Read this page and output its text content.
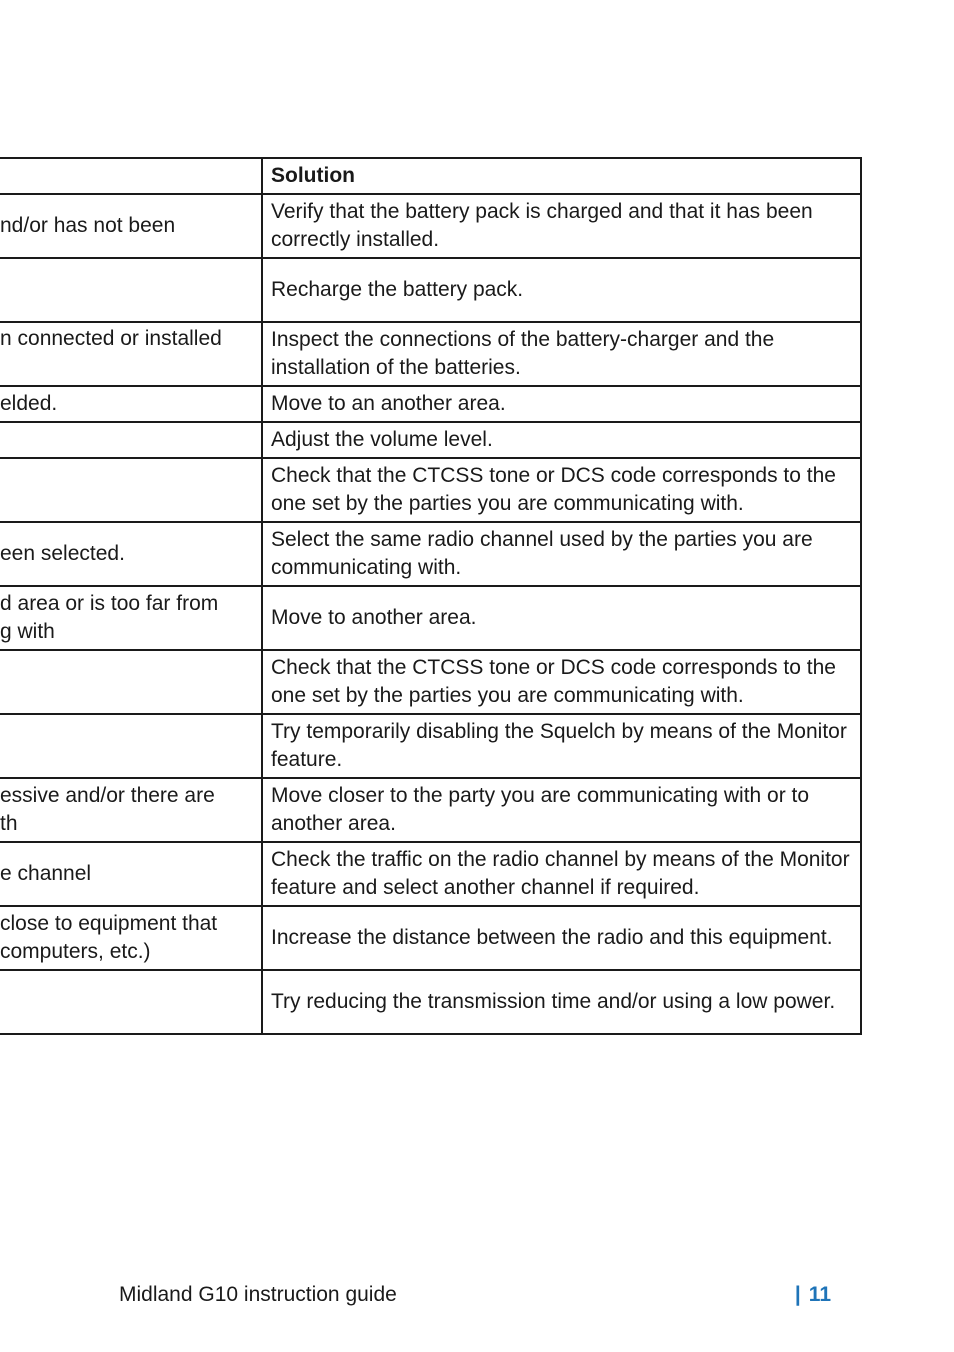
	Solution

nd/or has not been	Verify that the battery pack is charged and that it has been correctly installed.

	Recharge the battery pack.

n connected or installed	Inspect the connections of the battery-charger and the installation of the batteries.

elded.	Move to an another area.

	Adjust the volume level.

	Check that the CTCSS tone or DCS code corresponds to the one set by the parties you are communicating with.

een selected.	Select the same radio channel used by the parties you are communicating with.

d area or is too far from
g with	Move to another area.

	Check that the CTCSS tone or DCS code corresponds to the one set by the parties you are communicating with.

	Try temporarily disabling the Squelch by means of the Monitor feature.

essive and/or there are
th	Move closer to the party you are communicating with or to another area.

e channel	Check the traffic on the radio channel by means of the Monitor feature and select another channel if required.

close to equipment that
computers, etc.)	Increase the distance between the radio and this equipment.

	Try reducing the transmission time and/or using a low power.
Midland G10 instruction guide	| 11
